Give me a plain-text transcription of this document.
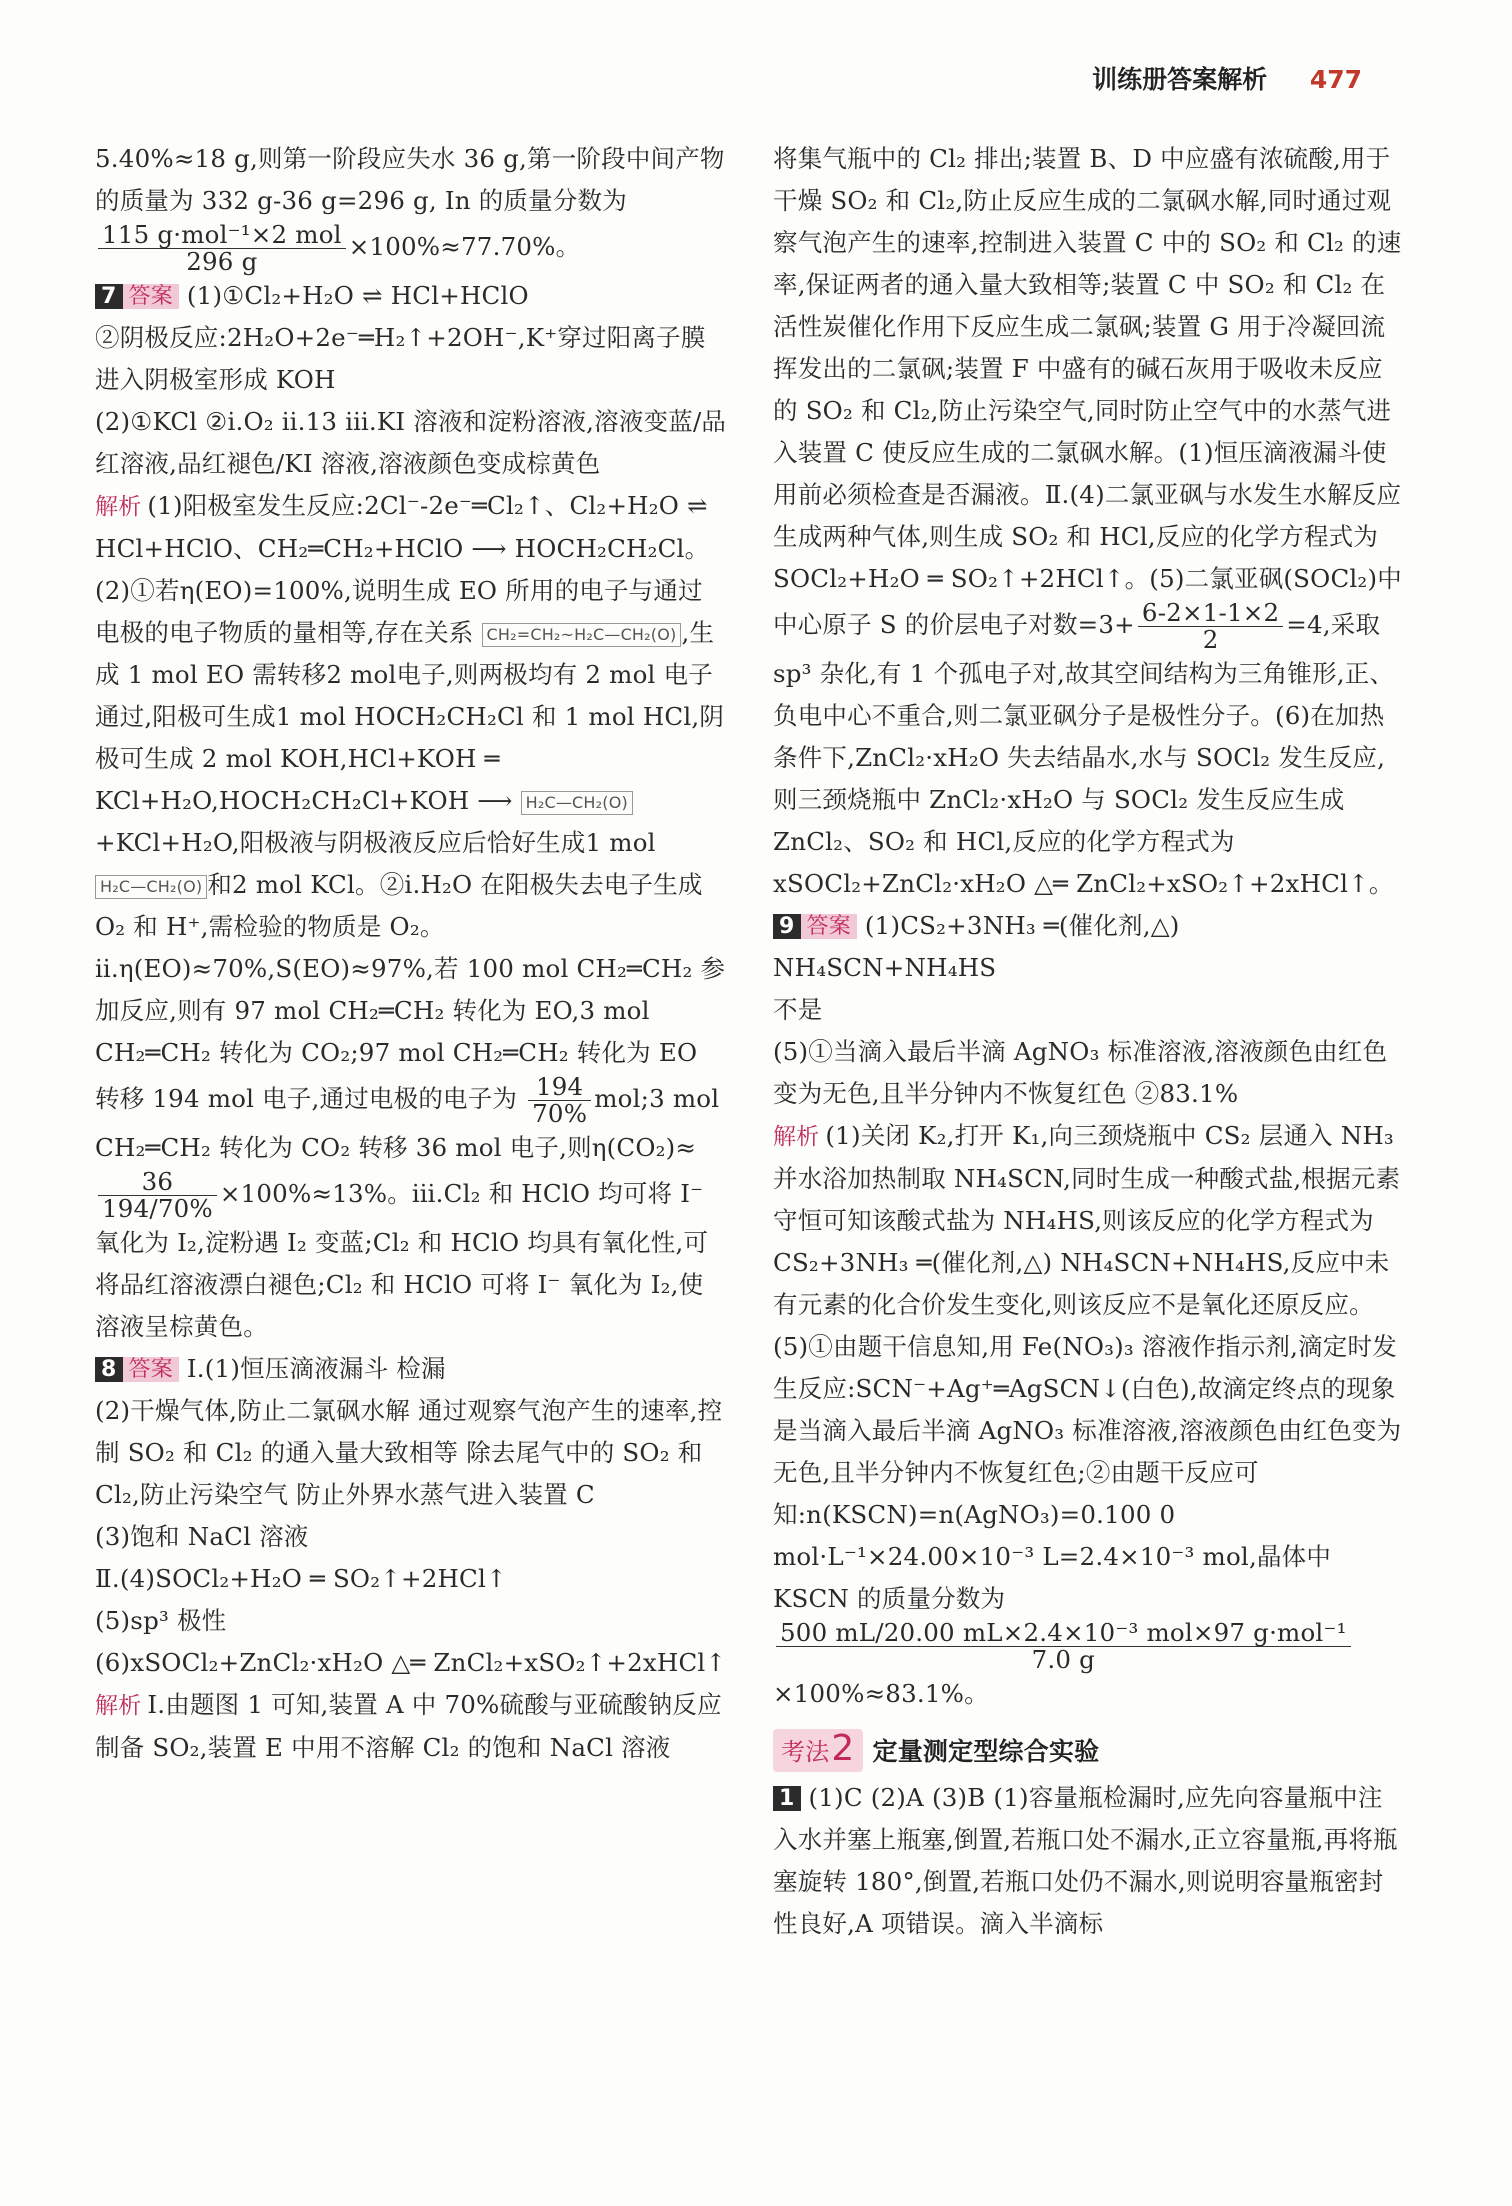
训练册答案解析 477

5.40%≈18 g,则第一阶段应失水 36 g,第一阶段中间产物的质量为 332 g-36 g=296 g, In 的质量分数为

$\frac{\text{115 g·mol⁻¹×2 mol}}{296 g} \times 100\%\approx 77.70\%$。

7 答案 (1)①Cl₂+H₂O ⇌ HCl+HClO

②阴极反应:2H₂O+2e⁻═H₂↑+2OH⁻,K⁺穿过阳离子膜进入阴极室形成 KOH

(2)①KCl ②ⅰ.O₂ ⅱ.13 ⅲ.KI 溶液和淀粉溶液,溶液变蓝/品红溶液,品红褪色/KI 溶液,溶液颜色变成棕黄色

解析 (1)阳极室发生反应:2Cl⁻-2e⁻═Cl₂↑、Cl₂+H₂O ⇌ HCl+HClO、CH₂═CH₂+HClO ⟶ HOCH₂CH₂Cl。(2)①若η(EO)=100%,说明生成 EO 所用的电子与通过电极的电子物质的量相等,存在关系 CH₂=CH₂~H₂C—CH₂(O) ,生成 1 mol EO 需转移2 mol电子,则两极均有 2 mol 电子通过,阳极可生成1 mol HOCH₂CH₂Cl 和 1 mol HCl,阴极可生成 2 mol KOH,HCl+KOH ═ KCl+H₂O,HOCH₂CH₂Cl+KOH ⟶ H₂C—CH₂(O)+KCl+H₂O,阳极液与阴极液反应后恰好生成1 mol H₂C—CH₂(O) 和2 mol KCl。②ⅰ.H₂O 在阳极失去电子生成 O₂ 和 H⁺,需检验的物质是 O₂。ⅱ.η(EO)≈70%,S(EO)≈97%,若 100 mol CH₂═CH₂ 参加反应,则有 97 mol CH₂═CH₂ 转化为 EO,3 mol CH₂═CH₂ 转化为 CO₂;97 mol CH₂═CH₂ 转化为 EO 转移 194 mol 电子,通过电极的电子为 $\frac{194}{70\%}$ mol;3 mol CH₂═CH₂ 转化为 CO₂ 转移 36 mol 电子,则η(CO₂)≈
$\frac{36}{194/70\%} \times 100\%\approx 13\%$。ⅲ.Cl₂ 和 HClO 均可将 I⁻ 氧化为 I₂,淀粉遇 I₂ 变蓝;Cl₂ 和 HClO 均具有氧化性,可将品红溶液漂白褪色;Cl₂ 和 HClO 可将 I⁻ 氧化为 I₂,使溶液呈棕黄色。

8 答案 Ⅰ.(1)恒压滴液漏斗 检漏

(2)干燥气体,防止二氯砜水解 通过观察气泡产生的速率,控制 SO₂ 和 Cl₂ 的通入量大致相等 除去尾气中的 SO₂ 和 Cl₂,防止污染空气 防止外界水蒸气进入装置 C

(3)饱和 NaCl 溶液

Ⅱ.(4)SOCl₂+H₂O ═ SO₂↑+2HCl↑

(5)sp³ 极性

(6)xSOCl₂+ZnCl₂·xH₂O △═ ZnCl₂+xSO₂↑+2xHCl↑

解析 Ⅰ.由题图 1 可知,装置 A 中 70%硫酸与亚硫酸钠反应制备 SO₂,装置 E 中用不溶解 Cl₂ 的饱和 NaCl 溶液

将集气瓶中的 Cl₂ 排出;装置 B、D 中应盛有浓硫酸,用于干燥 SO₂ 和 Cl₂,防止反应生成的二氯砜水解,同时通过观察气泡产生的速率,控制进入装置 C 中的 SO₂ 和 Cl₂ 的速率,保证两者的通入量大致相等;装置 C 中 SO₂ 和 Cl₂ 在活性炭催化作用下反应生成二氯砜;装置 G 用于冷凝回流挥发出的二氯砜;装置 F 中盛有的碱石灰用于吸收未反应的 SO₂ 和 Cl₂,防止污染空气,同时防止空气中的水蒸气进入装置 C 使反应生成的二氯砜水解。(1)恒压滴液漏斗使用前必须检查是否漏液。Ⅱ.(4)二氯亚砜与水发生水解反应生成两种气体,则生成 SO₂ 和 HCl,反应的化学方程式为SOCl₂+H₂O ═ SO₂↑+2HCl↑。(5)二氯亚砜(SOCl₂)中中心原子 S 的价层电子对数$=3+ \frac{6-2\times 1-1\times 2}{2} =4$,采取sp³ 杂化,有 1 个孤电子对,故其空间结构为三角锥形,正、负电中心不重合,则二氯亚砜分子是极性分子。(6)在加热条件下,ZnCl₂·xH₂O 失去结晶水,水与 SOCl₂ 发生反应,则三颈烧瓶中 ZnCl₂·xH₂O 与 SOCl₂ 发生反应生成 ZnCl₂、SO₂ 和 HCl,反应的化学方程式为 xSOCl₂+ZnCl₂·xH₂O △═ ZnCl₂+xSO₂↑+2xHCl↑。

9 答案 (1)CS₂+3NH₃ ═(催化剂,△) NH₄SCN+NH₄HS

不是

(5)①当滴入最后半滴 AgNO₃ 标准溶液,溶液颜色由红色变为无色,且半分钟内不恢复红色 ②83.1%

解析 (1)关闭 K₂,打开 K₁,向三颈烧瓶中 CS₂ 层通入 NH₃ 并水浴加热制取 NH₄SCN,同时生成一种酸式盐,根据元素守恒可知该酸式盐为 NH₄HS,则该反应的化学方程式为 CS₂+3NH₃ ═(催化剂,△) NH₄SCN+NH₄HS,反应中未有元素的化合价发生变化,则该反应不是氧化还原反应。(5)①由题干信息知,用 Fe(NO₃)₃ 溶液作指示剂,滴定时发生反应:SCN⁻+Ag⁺═AgSCN↓(白色),故滴定终点的现象是当滴入最后半滴 AgNO₃ 标准溶液,溶液颜色由红色变为无色,且半分钟内不恢复红色;②由题干反应可知:n(KSCN)=n(AgNO₃)=0.100 0 mol·L⁻¹×24.00×10⁻³ L=2.4×10⁻³ mol,晶体中 KSCN 的质量分数为
$\frac{\text{500 mL/20.00 mL×2.4×10⁻³ mol×97 g·mol⁻¹}}{7.0 g}$
×100%≈83.1%。

考法2 定量测定型综合实验

1 (1)C (2)A (3)B (1)容量瓶检漏时,应先向容量瓶中注入水并塞上瓶塞,倒置,若瓶口处不漏水,正立容量瓶,再将瓶塞旋转 180°,倒置,若瓶口处仍不漏水,则说明容量瓶密封性良好,A 项错误。滴入半滴标
